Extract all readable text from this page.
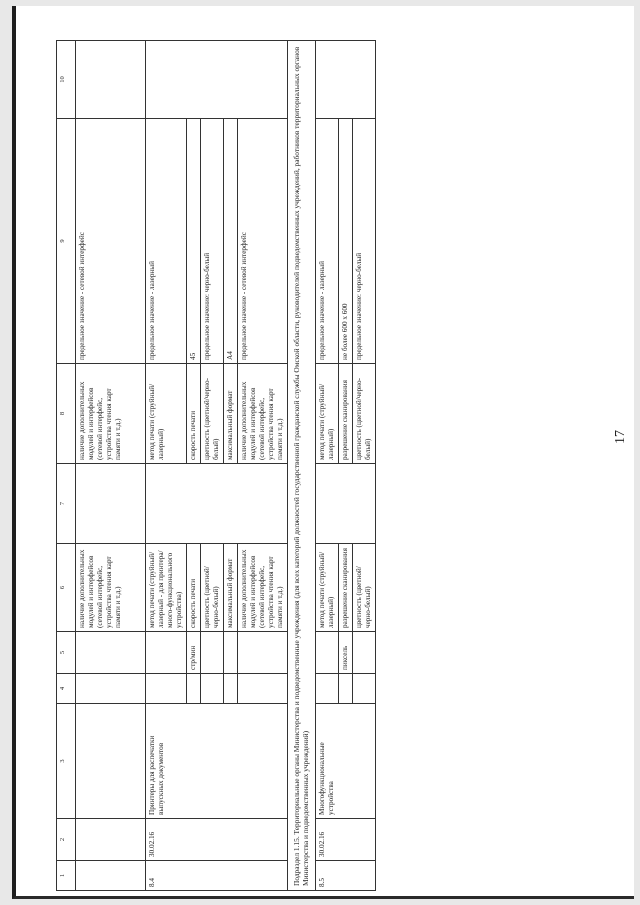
17
1	2	3	4	5	6	7	8	9	10
					наличие дополнительных модулей и интерфейсов (сетевой интерфейс, устройства чтения карт памяти и т.д.)		наличие дополнительных модулей и интерфейсов (сетевой интерфейс, устройства чтения карт памяти и т.д.)	предельное значение - сетевой интерфейс	
8.4	30.02.16	Принтеры для распечатки выпускных документов			метод печати (струйный/ лазерный - для принтера/много-функционального устройства)		метод печати (струйный/лазерный)	предельное значение - лазерный	
				стр/мин	скорость печати		скорость печати	45	
					цветность (цветной/ черно-белый)		цветность (цветной/черно-белый)	предельное значение: черно-белый	
					максимальный формат		максимальный формат	А4	
					наличие дополнительных модулей и интерфейсов (сетевой интерфейс, устройства чтения карт памяти и т.д.)		наличие дополнительных модулей и интерфейсов (сетевой интерфейс, устройства чтения карт памяти и т.д.)	предельное значение - сетевой интерфейс	
Подраздел 1.15. Территориальные органы Министерства и подведомственные учреждения (для всех категорий должностей государственной гражданской службы Омской области, руководителей подведомственных учреждений, работников территориальных органов Министерства и подведомственных учреждений)									
8.5	30.02.16	Многофункциональные устройства			метод печати (струйный/ лазерный)		метод печати (струйный/лазерный)	предельное значение - лазерный	
				пиксель	разрешение сканирования		разрешение сканирования	не более 600 х 600	
					цветность (цветной/ черно-белый)		цветность (цветной/черно-белый)	предельное значение: черно-белый	
